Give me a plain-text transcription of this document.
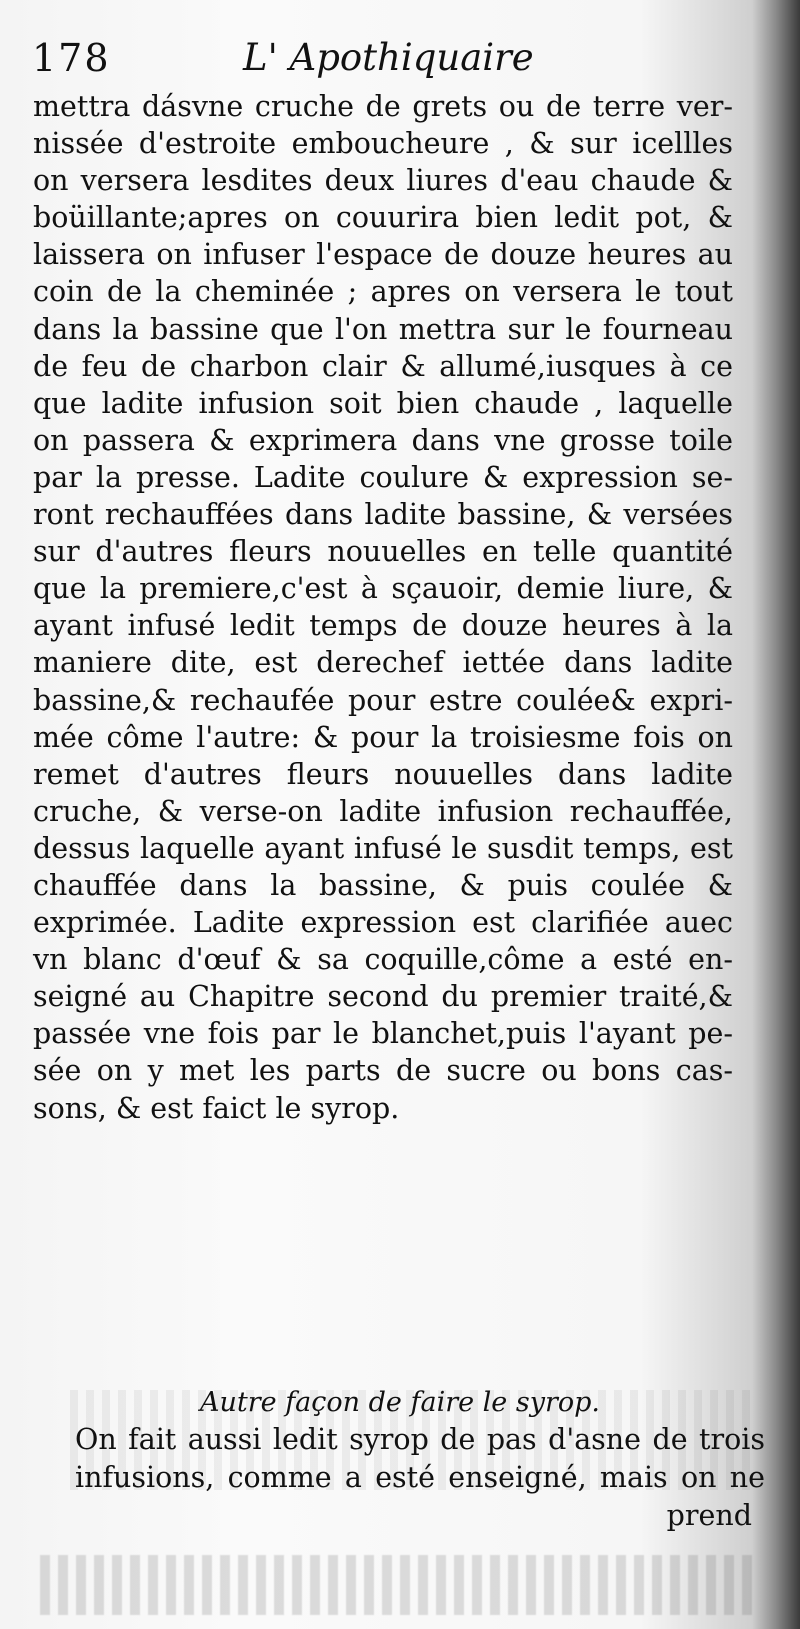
178	L' Apothiquaire
mettra dásvne cruche de grets ou de terre ver-
nissée d'estroite emboucheure , & sur icellles
on versera lesdites deux liures d'eau chaude &
boüillante;apres on couurira bien ledit pot, &
laissera on infuser l'espace de douze heures au
coin de la cheminée ; apres on versera le tout
dans la bassine que l'on mettra sur le fourneau
de feu de charbon clair & allumé,iusques à ce
que ladite infusion soit bien chaude , laquelle
on passera & exprimera dans vne grosse toile
par la presse. Ladite coulure & expression se-
ront rechauffées dans ladite bassine, & versées
sur d'autres fleurs nouuelles en telle quantité
que la premiere,c'est à sçauoir, demie liure, &
ayant infusé ledit temps de douze heures à la
maniere dite, est derechef iettée dans ladite
bassine,& rechaufée pour estre coulée& expri-
mée côme l'autre: & pour la troisiesme fois on
remet d'autres fleurs nouuelles dans ladite
cruche, & verse-on ladite infusion rechauffée,
dessus laquelle ayant infusé le susdit temps, est
chauffée dans la bassine, & puis coulée &
exprimée. Ladite expression est clarifiée auec
vn blanc d'œuf & sa coquille,côme a esté en-
seigné au Chapitre second du premier traité,&
passée vne fois par le blanchet,puis l'ayant pe-
sée on y met les parts de sucre ou bons cas-
sons, & est faict le syrop.
Autre façon de faire le syrop.
On fait aussi ledit syrop de pas d'asne de trois
infusions, comme a esté enseigné, mais on ne
prend
